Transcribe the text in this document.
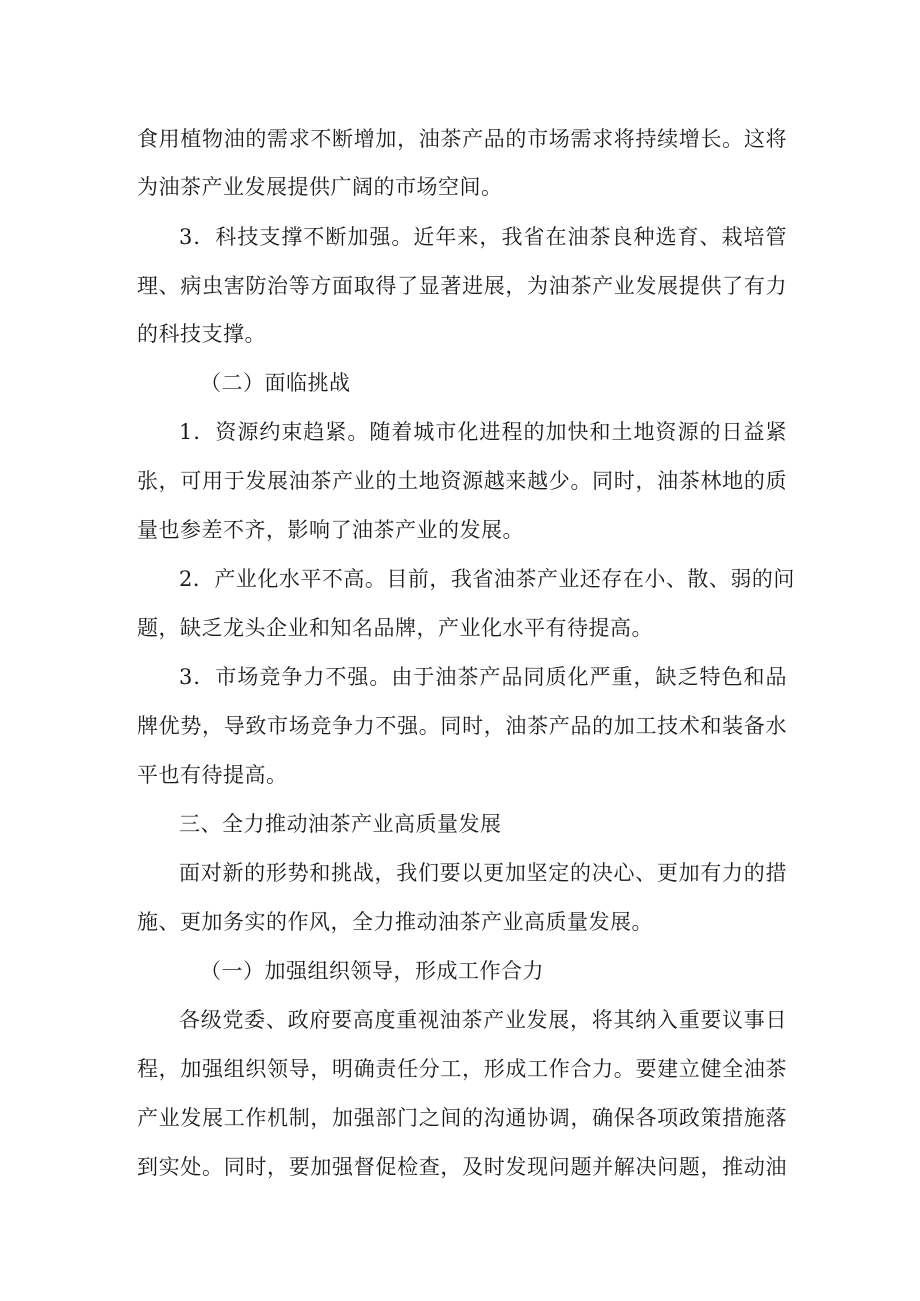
食用植物油的需求不断增加，油茶产品的市场需求将持续增长。这将
为油茶产业发展提供广阔的市场空间。
3．科技支撑不断加强。近年来，我省在油茶良种选育、栽培管
理、病虫害防治等方面取得了显著进展，为油茶产业发展提供了有力
的科技支撑。
（二）面临挑战
1．资源约束趋紧。随着城市化进程的加快和土地资源的日益紧
张，可用于发展油茶产业的土地资源越来越少。同时，油茶林地的质
量也参差不齐，影响了油茶产业的发展。
2．产业化水平不高。目前，我省油茶产业还存在小、散、弱的问
题，缺乏龙头企业和知名品牌，产业化水平有待提高。
3．市场竞争力不强。由于油茶产品同质化严重，缺乏特色和品
牌优势，导致市场竞争力不强。同时，油茶产品的加工技术和装备水
平也有待提高。
三、全力推动油茶产业高质量发展
面对新的形势和挑战，我们要以更加坚定的决心、更加有力的措
施、更加务实的作风，全力推动油茶产业高质量发展。
（一）加强组织领导，形成工作合力
各级党委、政府要高度重视油茶产业发展，将其纳入重要议事日
程，加强组织领导，明确责任分工，形成工作合力。要建立健全油茶
产业发展工作机制，加强部门之间的沟通协调，确保各项政策措施落
到实处。同时，要加强督促检查，及时发现问题并解决问题，推动油
